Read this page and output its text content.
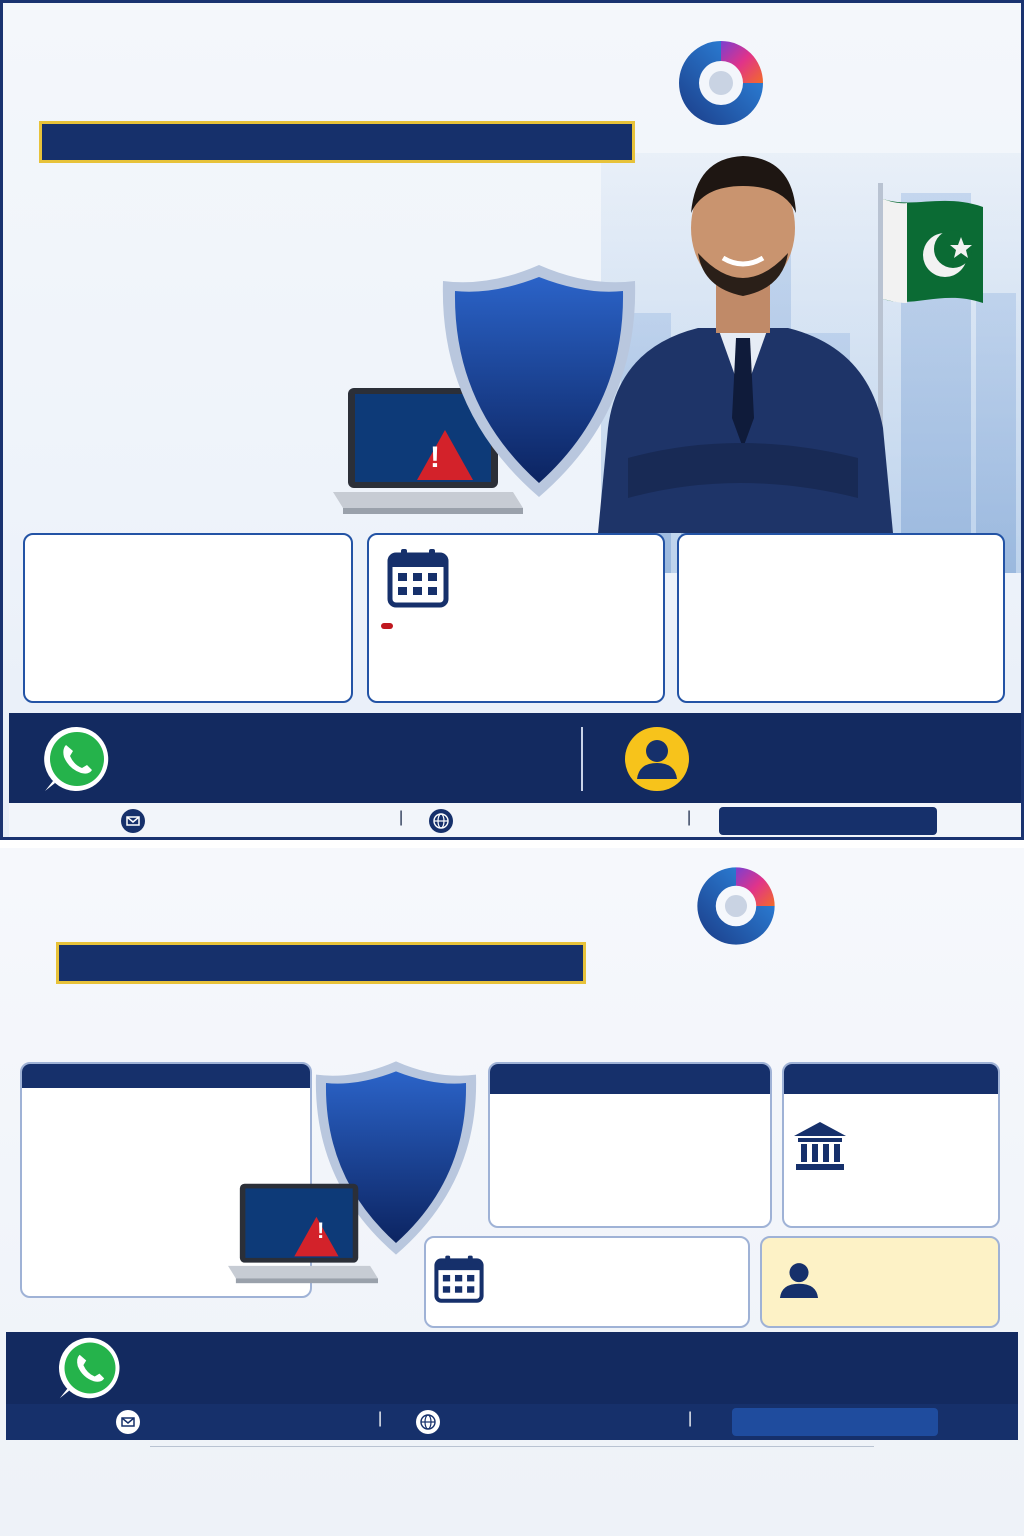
!
|	|
!
|	|
